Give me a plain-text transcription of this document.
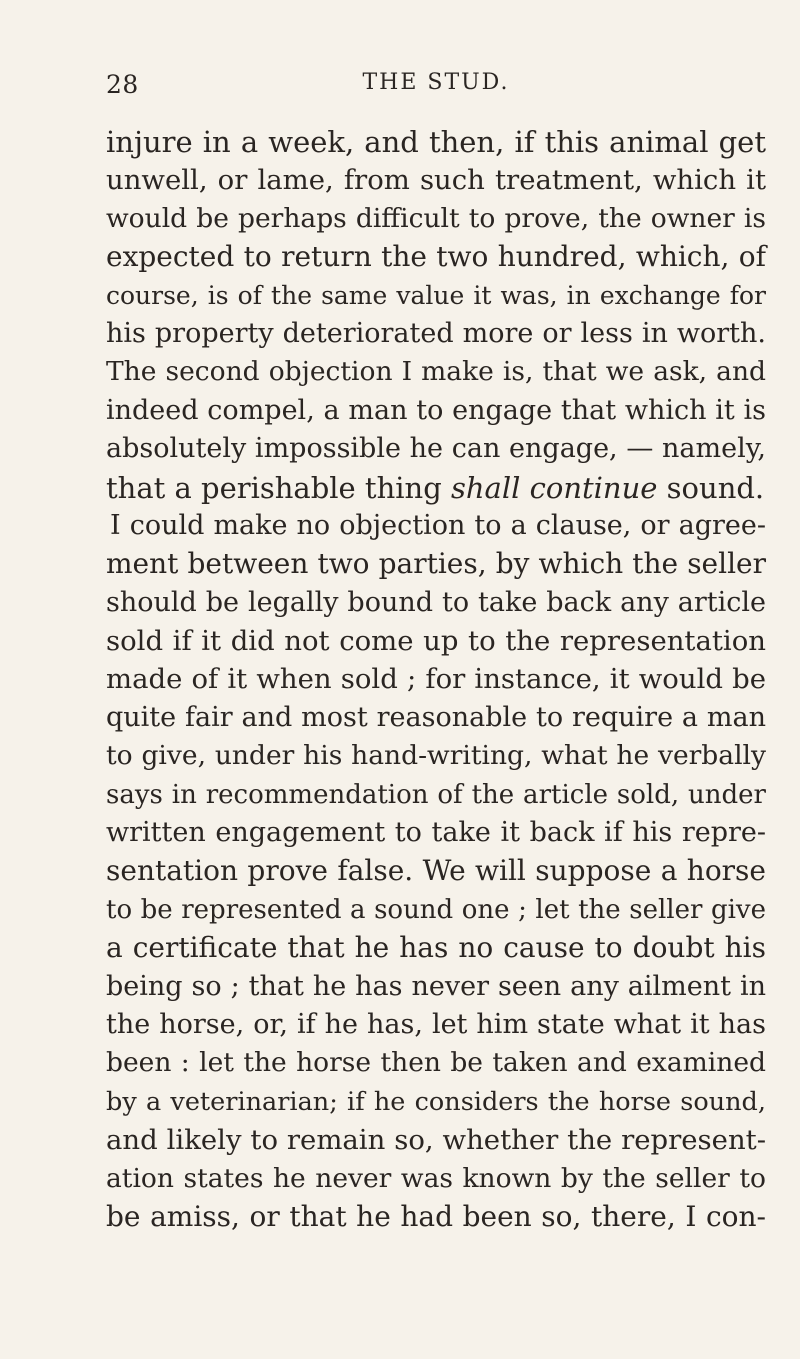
28	THE STUD.
injure in a week, and then, if this animal get
unwell, or lame, from such treatment, which it
would be perhaps difficult to prove, the owner is
expected to return the two hundred, which, of
course, is of the same value it was, in exchange for
his property deteriorated more or less in worth.
The second objection I make is, that we ask, and
indeed compel, a man to engage that which it is
absolutely impossible he can engage, — namely,
that a perishable thing shall continue sound.
I could make no objection to a clause, or agree-
ment between two parties, by which the seller
should be legally bound to take back any article
sold if it did not come up to the representation
made of it when sold ; for instance, it would be
quite fair and most reasonable to require a man
to give, under his hand-writing, what he verbally
says in recommendation of the article sold, under
written engagement to take it back if his repre-
sentation prove false. We will suppose a horse
to be represented a sound one ; let the seller give
a certificate that he has no cause to doubt his
being so ; that he has never seen any ailment in
the horse, or, if he has, let him state what it has
been : let the horse then be taken and examined
by a veterinarian; if he considers the horse sound,
and likely to remain so, whether the represent-
ation states he never was known by the seller to
be amiss, or that he had been so, there, I con-
